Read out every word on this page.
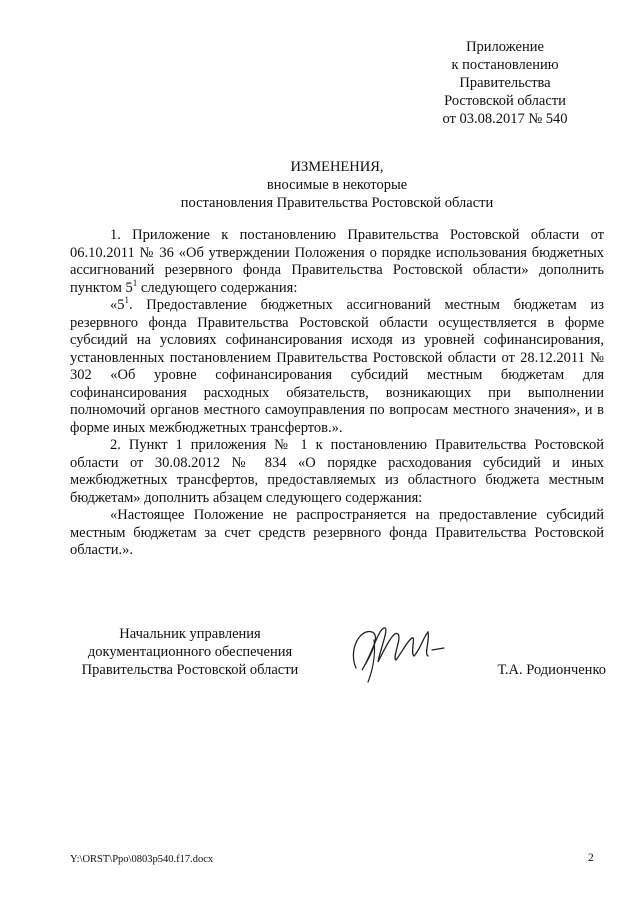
Приложение
к постановлению
Правительства
Ростовской области
от 03.08.2017 № 540
ИЗМЕНЕНИЯ,
вносимые в некоторые
постановления Правительства Ростовской области

1. Приложение к постановлению Правительства Ростовской области от 06.10.2011 № 36 «Об утверждении Положения о порядке использования бюджетных ассигнований резервного фонда Правительства Ростовской области» дополнить пунктом $5^1$ следующего содержания:

«$5^1$. Предоставление бюджетных ассигнований местным бюджетам из резервного фонда Правительства Ростовской области осуществляется в форме субсидий на условиях софинансирования исходя из уровней софинансирования, установленных постановлением Правительства Ростовской области от 28.12.2011 № 302 «Об уровне софинансирования субсидий местным бюджетам для софинансирования расходных обязательств, возникающих при выполнении полномочий органов местного самоуправления по вопросам местного значения», и в форме иных межбюджетных трансфертов.».

2. Пункт 1 приложения № 1 к постановлению Правительства Ростовской области от 30.08.2012 № 834 «О порядке расходования субсидий и иных межбюджетных трансфертов, предоставляемых из областного бюджета местным бюджетам» дополнить абзацем следующего содержания:

«Настоящее Положение не распространяется на предоставление субсидий местным бюджетам за счет средств резервного фонда Правительства Ростовской области.».

Начальник управления
документационного обеспечения
Правительства Ростовской области	Т.А. Родионченко
Y:\ORST\Ppo\0803p540.f17.docx	2
